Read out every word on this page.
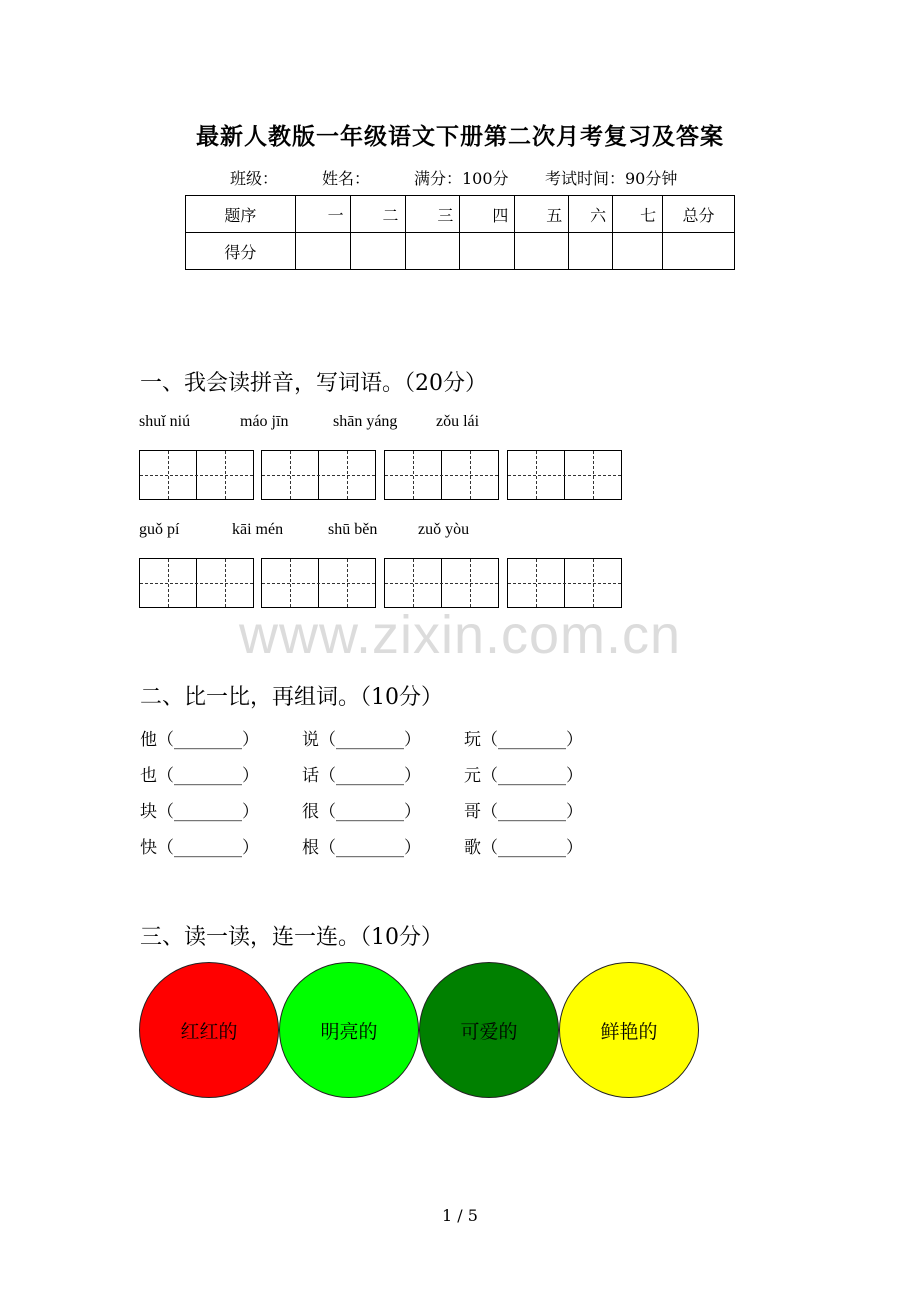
最新人教版一年级语文下册第二次月考复习及答案
班级：	姓名：	满分：100分 考试时间：90分钟
题序	一	二	三	四	五	六	七	总分
得分								
一、我会读拼音，写词语。（20分）
shuǐ niú	máo jīn	shān yáng zǒu lái
guǒ pí	kāi mén	shū běn	zuǒ yòu
www.zixin.com.cn
二、比一比，再组词。（10分）
他（________）	说（________）	玩（________）
也（________）	话（________）	元（________）
块（________）	很（________）	哥（________）
快（________）	根（________）	歌（________）
三、读一读，连一连。（10分）
红红的	明亮的	可爱的	鲜艳的
1 / 5
